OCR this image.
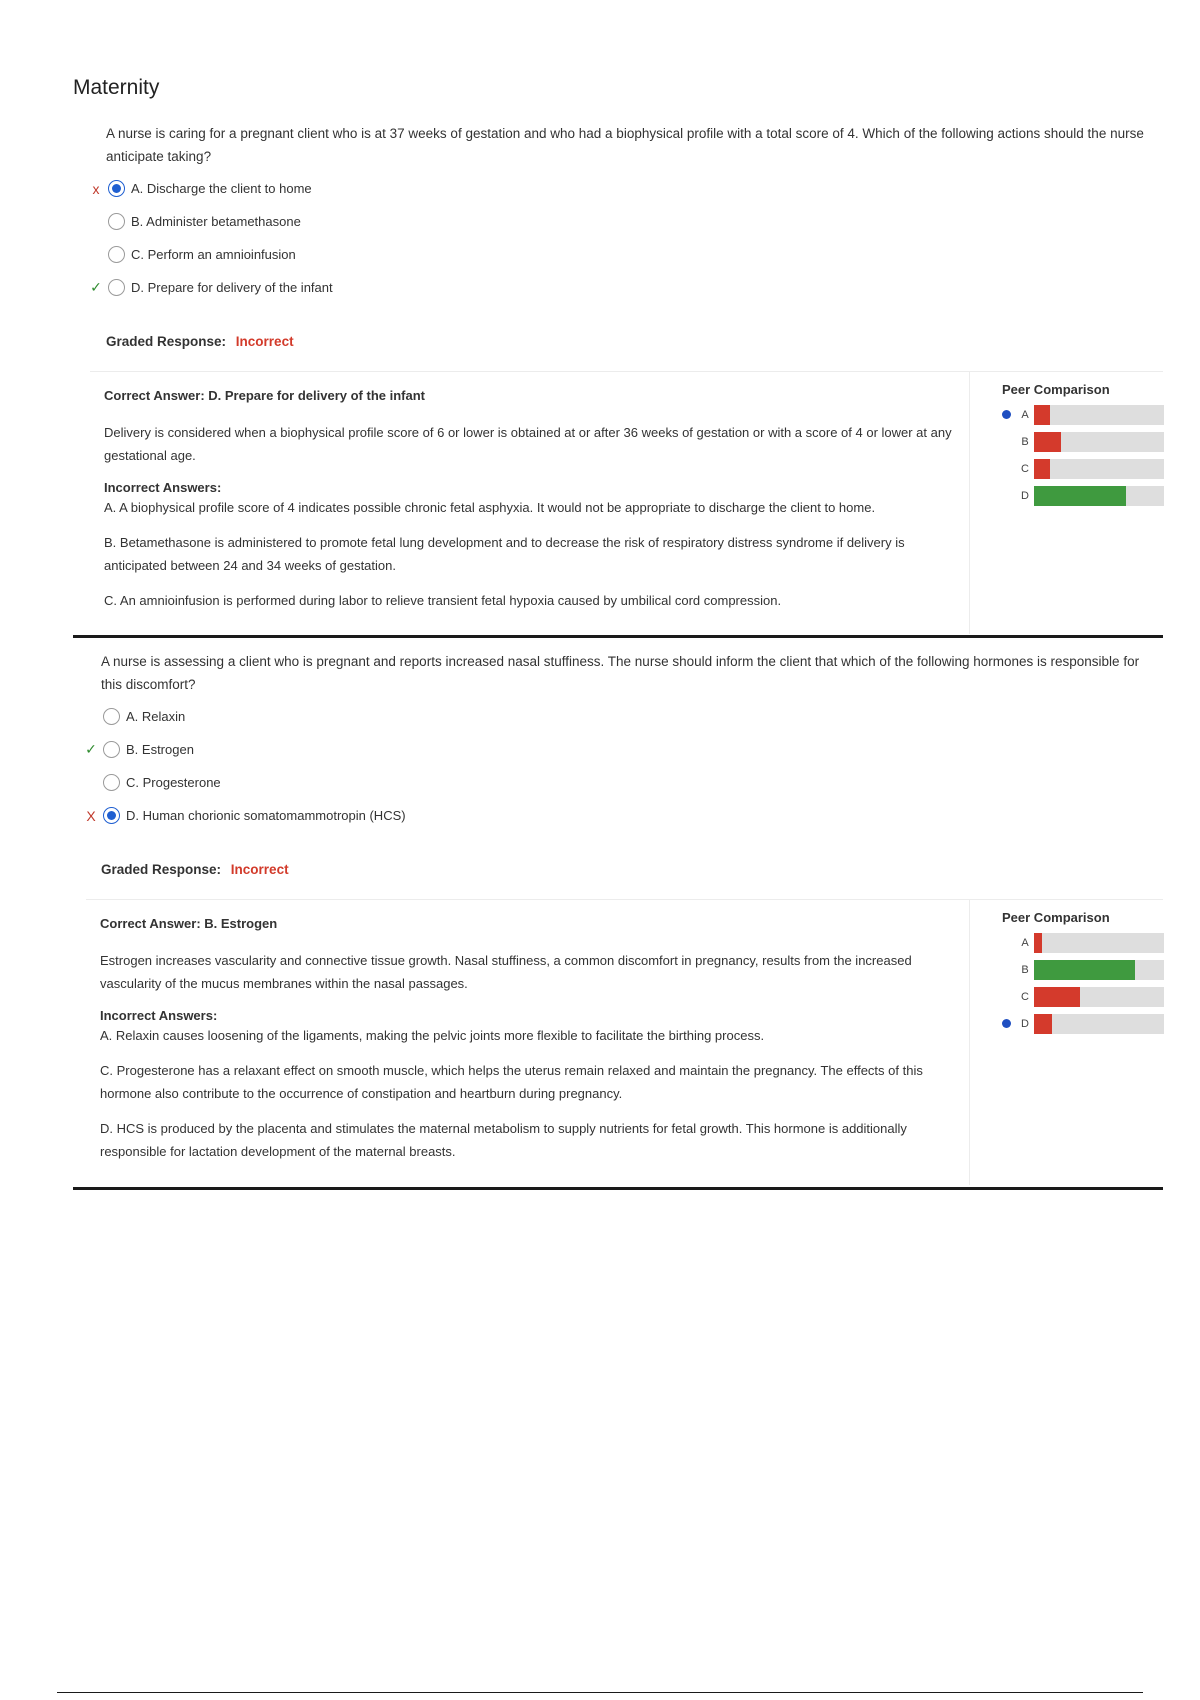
Maternity

A nurse is caring for a pregnant client who is at 37 weeks of gestation and who had a biophysical profile with a total score of 4. Which of the following actions should the nurse anticipate taking?

x A. Discharge the client to home
B. Administer betamethasone
C. Perform an amnioinfusion
✓ D. Prepare for delivery of the infant
Graded Response: Incorrect

Correct Answer: D. Prepare for delivery of the infant

Delivery is considered when a biophysical profile score of 6 or lower is obtained at or after 36 weeks of gestation or with a score of 4 or lower at any gestational age.

Incorrect Answers:

A. A biophysical profile score of 4 indicates possible chronic fetal asphyxia. It would not be appropriate to discharge the client to home.

B. Betamethasone is administered to promote fetal lung development and to decrease the risk of respiratory distress syndrome if delivery is anticipated between 24 and 34 weeks of gestation.

C. An amnioinfusion is performed during labor to relieve transient fetal hypoxia caused by umbilical cord compression.

Peer Comparison
A
B
C
D

A nurse is assessing a client who is pregnant and reports increased nasal stuffiness. The nurse should inform the client that which of the following hormones is responsible for this discomfort?

A. Relaxin
✓ B. Estrogen
C. Progesterone
X D. Human chorionic somatomammotropin (HCS)
Graded Response: Incorrect

Correct Answer: B. Estrogen

Estrogen increases vascularity and connective tissue growth. Nasal stuffiness, a common discomfort in pregnancy, results from the increased vascularity of the mucus membranes within the nasal passages.

Incorrect Answers:

A. Relaxin causes loosening of the ligaments, making the pelvic joints more flexible to facilitate the birthing process.

C. Progesterone has a relaxant effect on smooth muscle, which helps the uterus remain relaxed and maintain the pregnancy. The effects of this hormone also contribute to the occurrence of constipation and heartburn during pregnancy.

D. HCS is produced by the placenta and stimulates the maternal metabolism to supply nutrients for fetal growth. This hormone is additionally responsible for lactation development of the maternal breasts.

Peer Comparison
A
B
C
D
